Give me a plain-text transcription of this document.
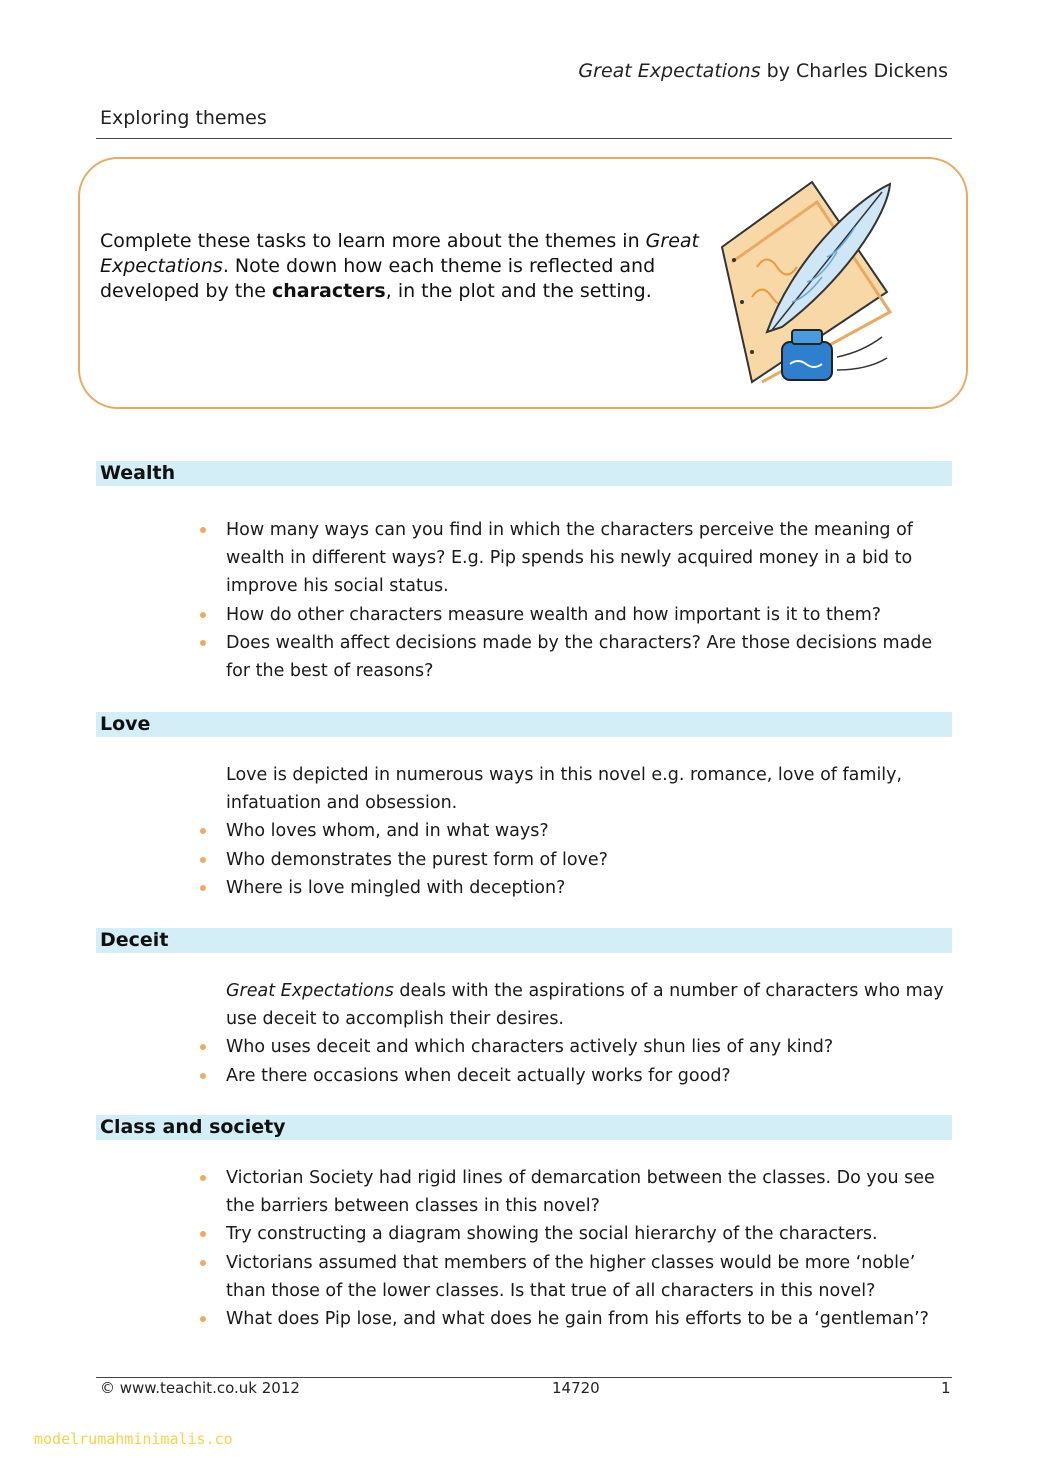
Great Expectations by Charles Dickens
Exploring themes
Complete these tasks to learn more about the themes in Great Expectations. Note down how each theme is reflected and developed by the characters, in the plot and the setting.
Wealth
How many ways can you find in which the characters perceive the meaning of
wealth in different ways? E.g. Pip spends his newly acquired money in a bid to
improve his social status.
How do other characters measure wealth and how important is it to them?
Does wealth affect decisions made by the characters? Are those decisions made
for the best of reasons?
Love
Love is depicted in numerous ways in this novel e.g. romance, love of family,
infatuation and obsession.
Who loves whom, and in what ways?
Who demonstrates the purest form of love?
Where is love mingled with deception?
Deceit
Great Expectations deals with the aspirations of a number of characters who may
use deceit to accomplish their desires.
Who uses deceit and which characters actively shun lies of any kind?
Are there occasions when deceit actually works for good?
Class and society
Victorian Society had rigid lines of demarcation between the classes. Do you see
the barriers between classes in this novel?
Try constructing a diagram showing the social hierarchy of the characters.
Victorians assumed that members of the higher classes would be more ‘noble’
than those of the lower classes. Is that true of all characters in this novel?
What does Pip lose, and what does he gain from his efforts to be a ‘gentleman’?
© www.teachit.co.uk 2012	14720	1
modelrumahminimalis.co
